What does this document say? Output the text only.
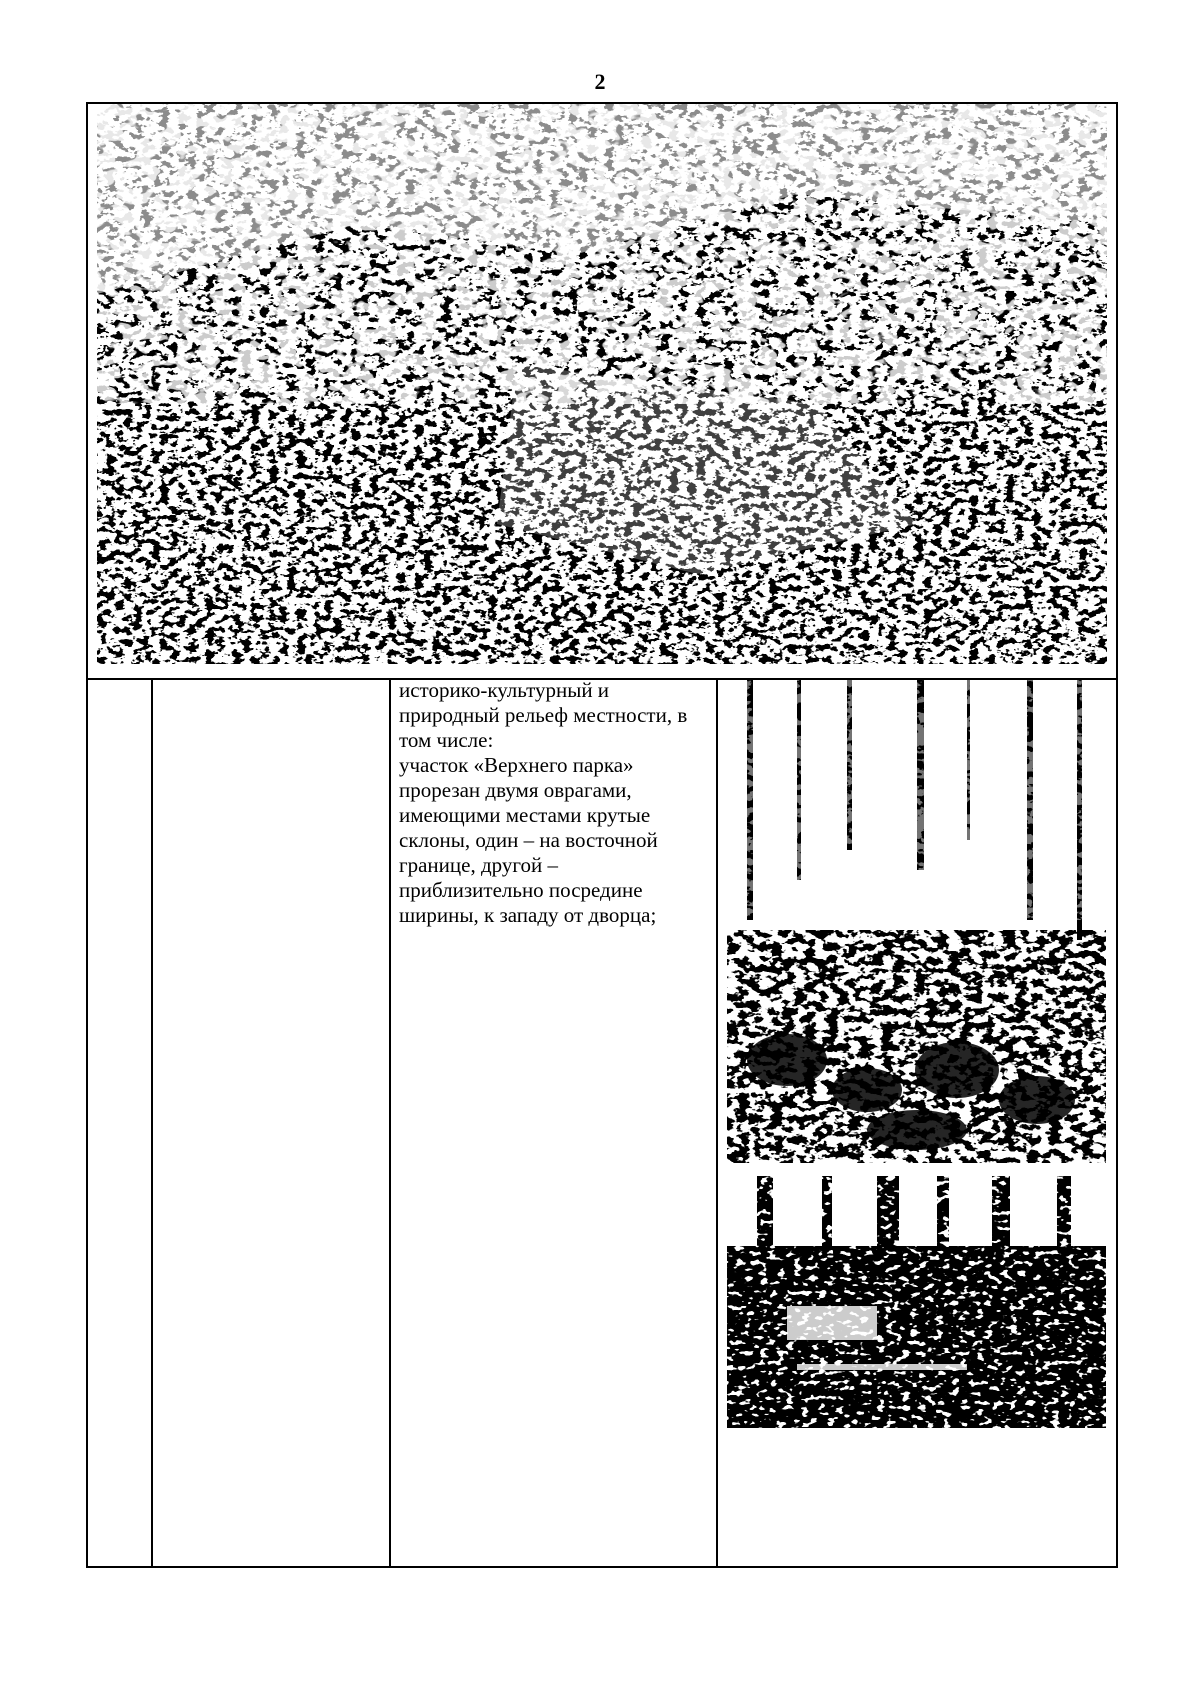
2

историко-культурный и
природный рельеф местности, в
том числе:

участок «Верхнего парка»
прорезан двумя оврагами,
имеющими местами крутые
склоны, один – на восточной
границе, другой –
приблизительно посредине
ширины, к западу от дворца;
